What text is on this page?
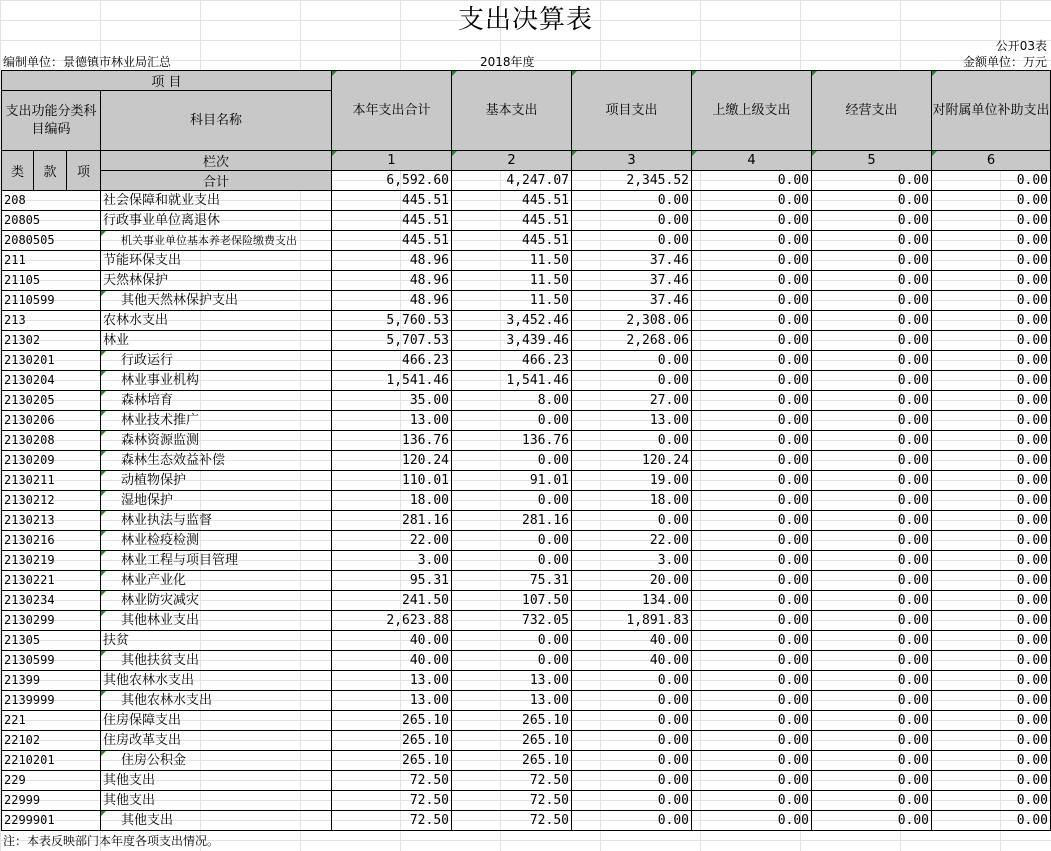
支出决算表
公开03表
编制单位：景德镇市林业局汇总	2018年度	金额单位：万元
项 目				本年支出合计	基本支出	项目支出	上缴上级支出	经营支出	对附属单位补助支出
支出功能分类科目编码			科目名称						

类	款	项	栏次	1	2	3	4	5	6
			合计	6,592.60	4,247.07	2,345.52	0.00	0.00	0.00
208			社会保障和就业支出	445.51	445.51	0.00	0.00	0.00	0.00
20805			行政事业单位离退休	445.51	445.51	0.00	0.00	0.00	0.00
2080505			机关事业单位基本养老保险缴费支出	445.51	445.51	0.00	0.00	0.00	0.00
211			节能环保支出	48.96	11.50	37.46	0.00	0.00	0.00
21105			天然林保护	48.96	11.50	37.46	0.00	0.00	0.00
2110599			其他天然林保护支出	48.96	11.50	37.46	0.00	0.00	0.00
213			农林水支出	5,760.53	3,452.46	2,308.06	0.00	0.00	0.00
21302			林业	5,707.53	3,439.46	2,268.06	0.00	0.00	0.00
2130201			行政运行	466.23	466.23	0.00	0.00	0.00	0.00
2130204			林业事业机构	1,541.46	1,541.46	0.00	0.00	0.00	0.00
2130205			森林培育	35.00	8.00	27.00	0.00	0.00	0.00
2130206			林业技术推广	13.00	0.00	13.00	0.00	0.00	0.00
2130208			森林资源监测	136.76	136.76	0.00	0.00	0.00	0.00
2130209			森林生态效益补偿	120.24	0.00	120.24	0.00	0.00	0.00
2130211			动植物保护	110.01	91.01	19.00	0.00	0.00	0.00
2130212			湿地保护	18.00	0.00	18.00	0.00	0.00	0.00
2130213			林业执法与监督	281.16	281.16	0.00	0.00	0.00	0.00
2130216			林业检疫检测	22.00	0.00	22.00	0.00	0.00	0.00
2130219			林业工程与项目管理	3.00	0.00	3.00	0.00	0.00	0.00
2130221			林业产业化	95.31	75.31	20.00	0.00	0.00	0.00
2130234			林业防灾减灾	241.50	107.50	134.00	0.00	0.00	0.00
2130299			其他林业支出	2,623.88	732.05	1,891.83	0.00	0.00	0.00
21305			扶贫	40.00	0.00	40.00	0.00	0.00	0.00
2130599			其他扶贫支出	40.00	0.00	40.00	0.00	0.00	0.00
21399			其他农林水支出	13.00	13.00	0.00	0.00	0.00	0.00
2139999			其他农林水支出	13.00	13.00	0.00	0.00	0.00	0.00
221			住房保障支出	265.10	265.10	0.00	0.00	0.00	0.00
22102			住房改革支出	265.10	265.10	0.00	0.00	0.00	0.00
2210201			住房公积金	265.10	265.10	0.00	0.00	0.00	0.00
229			其他支出	72.50	72.50	0.00	0.00	0.00	0.00
22999			其他支出	72.50	72.50	0.00	0.00	0.00	0.00
2299901			其他支出	72.50	72.50	0.00	0.00	0.00	0.00
注：本表反映部门本年度各项支出情况。
